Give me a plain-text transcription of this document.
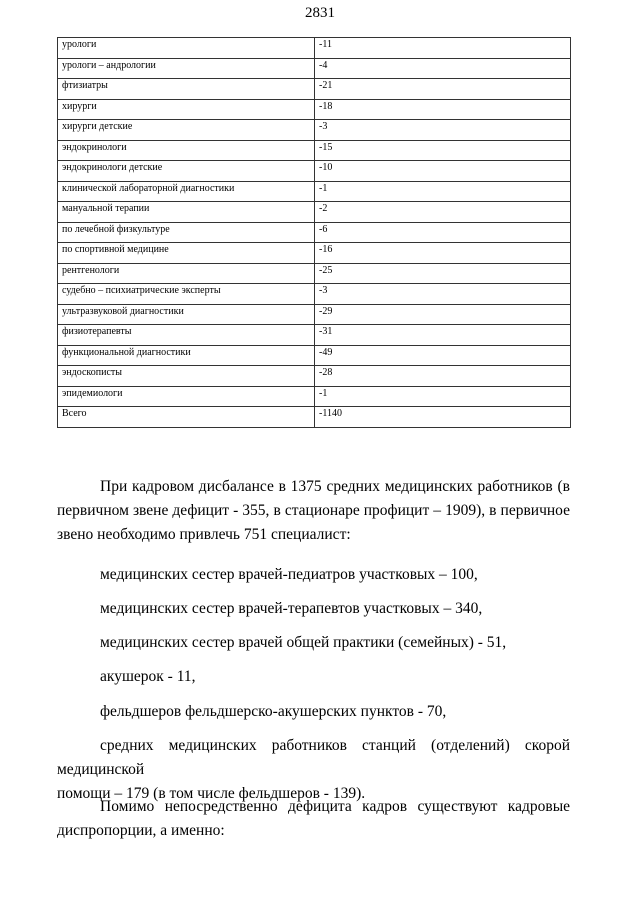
2831
урологи	-11
урологи – андрологии	-4
фтизиатры	-21
хирурги	-18
хирурги детские	-3
эндокринологи	-15
эндокринологи детские	-10
клинической лабораторной диагностики	-1
мануальной терапии	-2
по лечебной физкультуре	-6
по спортивной медицине	-16
рентгенологи	-25
судебно – психиатрические эксперты	-3
ультразвуковой диагностики	-29
физиотерапевты	-31
функциональной диагностики	-49
эндоскописты	-28
эпидемиологи	-1
Всего	-1140
При кадровом дисбалансе в 1375 средних медицинских работников (в
первичном звене дефицит - 355, в стационаре профицит – 1909), в первичное
звено необходимо привлечь 751 специалист:
медицинских сестер врачей-педиатров участковых – 100,
медицинских сестер врачей-терапевтов участковых – 340,
медицинских сестер врачей общей практики (семейных) - 51,
акушерок - 11,
фельдшеров фельдшерско-акушерских пунктов - 70,
средних медицинских работников станций (отделений) скорой медицинской
помощи – 179 (в том числе фельдшеров - 139).
Помимо непосредственно дефицита кадров существуют кадровые
диспропорции, а именно:
